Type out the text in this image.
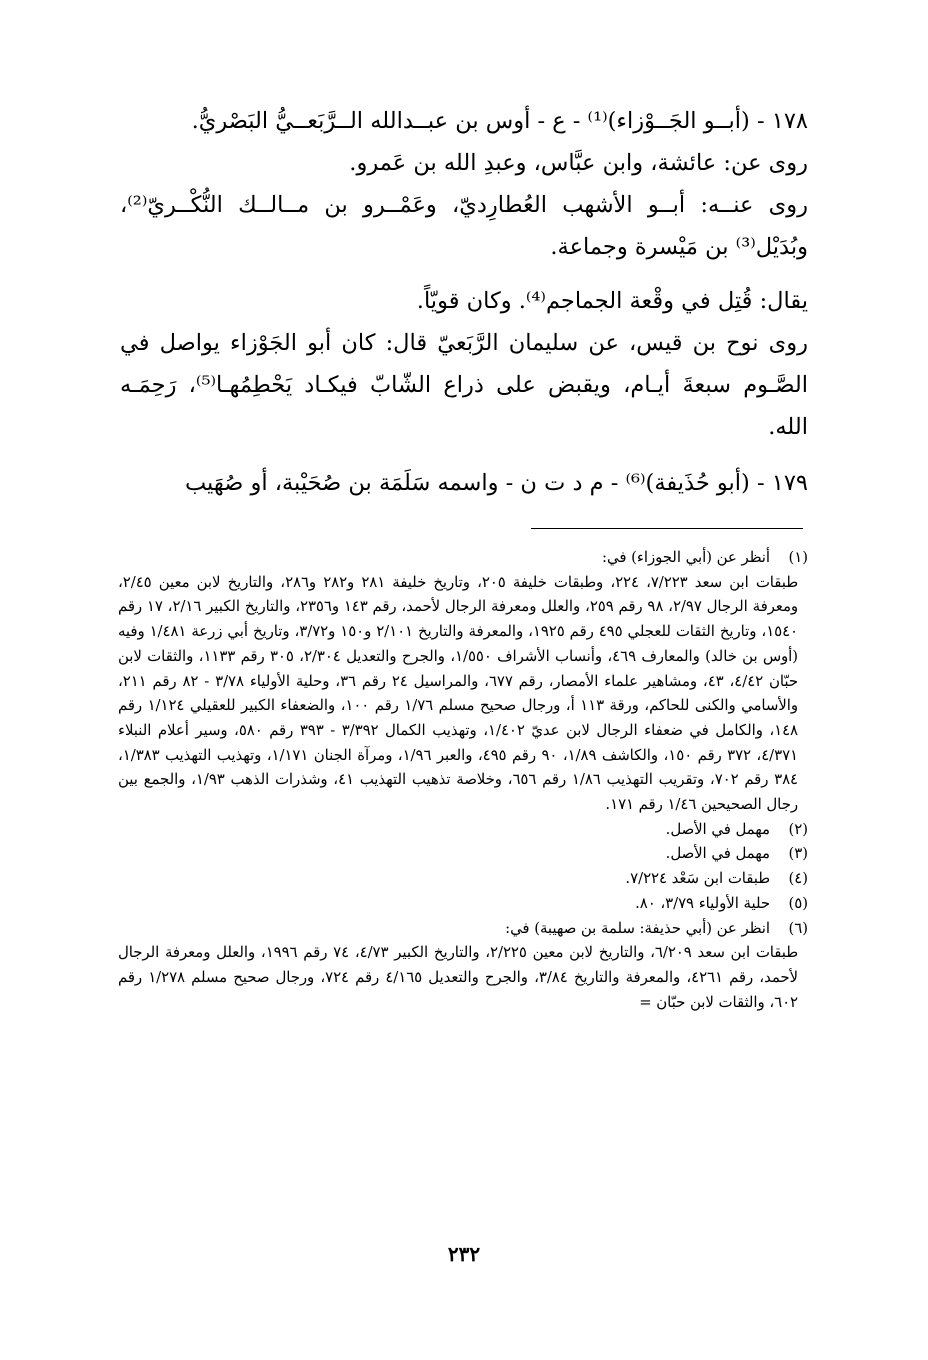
١٧٨ - (أبــو الجَــوْزاء)⁽¹⁾ - ع - أوس بن عبــدالله الــرَّبَعــيُّ البَصْريُّ.

روى عن: عائشة، وابن عبَّاس، وعبدِ الله بن عَمرو.

روى عنــه: أبــو الأشهب العُطارِديّ، وعَمْــرو بن مــالــك النُّكْــريّ⁽²⁾، وبُدَيْل⁽³⁾ بن مَيْسرة وجماعة.

يقال: قُتِل في وقْعة الجماجم⁽⁴⁾. وكان قويّاً.

روى نوح بن قيس، عن سليمان الرَّبَعيّ قال: كان أبو الجَوْزاء يواصل في الصَّـوم سبعةَ أيـام، ويقبض على ذراع الشّابّ فيكـاد يَحْطِمُهـا⁽⁵⁾، رَحِمَـه الله.

١٧٩ - (أبو حُذَيفة)⁽⁶⁾ - م د ت ن - واسمه سَلَمَة بن صُحَيْبة، أو صُهَيب

(١)

أنظر عن (أبي الجوزاء) في:

طبقات ابن سعد ٧/٢٢٣، ٢٢٤، وطبقات خليفة ٢٠٥، وتاريخ خليفة ٢٨١ و٢٨٢ و٢٨٦، والتاريخ لابن معين ٢/٤٥، ومعرفة الرجال ٢/٩٧، ٩٨ رقم ٢٥٩، والعلل ومعرفة الرجال لأحمد، رقم ١٤٣ و٢٣٥٦، والتاريخ الكبير ٢/١٦، ١٧ رقم ١٥٤٠، وتاريخ الثقات للعجلي ٤٩٥ رقم ١٩٢٥، والمعرفة والتاريخ ٢/١٠١ و١٥٠ و٣/٧٢، وتاريخ أبي زرعة ١/٤٨١ وفيه (أوس بن خالد) والمعارف ٤٦٩، وأنساب الأشراف ١/٥٥٠، والجرح والتعديل ٢/٣٠٤، ٣٠٥ رقم ١١٣٣، والثقات لابن حبّان ٤/٤٢، ٤٣، ومشاهير علماء الأمصار، رقم ٦٧٧، والمراسيل ٢٤ رقم ٣٦، وحلية الأولياء ٣/٧٨ - ٨٢ رقم ٢١١، والأسامي والكنى للحاكم، ورقة ١١٣ أ، ورجال صحيح مسلم ١/٧٦ رقم ١٠٠، والضعفاء الكبير للعقيلي ١/١٢٤ رقم ١٤٨، والكامل في ضعفاء الرجال لابن عديّ ١/٤٠٢، وتهذيب الكمال ٣/٣٩٢ - ٣٩٣ رقم ٥٨٠، وسير أعلام النبلاء ٤/٣٧١، ٣٧٢ رقم ١٥٠، والكاشف ١/٨٩، ٩٠ رقم ٤٩٥، والعبر ١/٩٦، ومرآة الجنان ١/١٧١، وتهذيب التهذيب ١/٣٨٣، ٣٨٤ رقم ٧٠٢، وتقريب التهذيب ١/٨٦ رقم ٦٥٦، وخلاصة تذهيب التهذيب ٤١، وشذرات الذهب ١/٩٣، والجمع بين رجال الصحيحين ١/٤٦ رقم ١٧١.

(٢)

مهمل في الأصل.

(٣)

مهمل في الأصل.

(٤)

طبقات ابن سَعْد ٧/٢٢٤.

(٥)

حلية الأولياء ٣/٧٩، ٨٠.

(٦)

انظر عن (أبي حذيفة: سلمة بن صهيبة) في:

طبقات ابن سعد ٦/٢٠٩، والتاريخ لابن معين ٢/٢٢٥، والتاريخ الكبير ٤/٧٣، ٧٤ رقم ١٩٩٦، والعلل ومعرفة الرجال لأحمد، رقم ٤٢٦١، والمعرفة والتاريخ ٣/٨٤، والجرح والتعديل ٤/١٦٥ رقم ٧٢٤، ورجال صحيح مسلم ١/٢٧٨ رقم ٦٠٢، والثقات لابن حبّان =

٢٣٢
